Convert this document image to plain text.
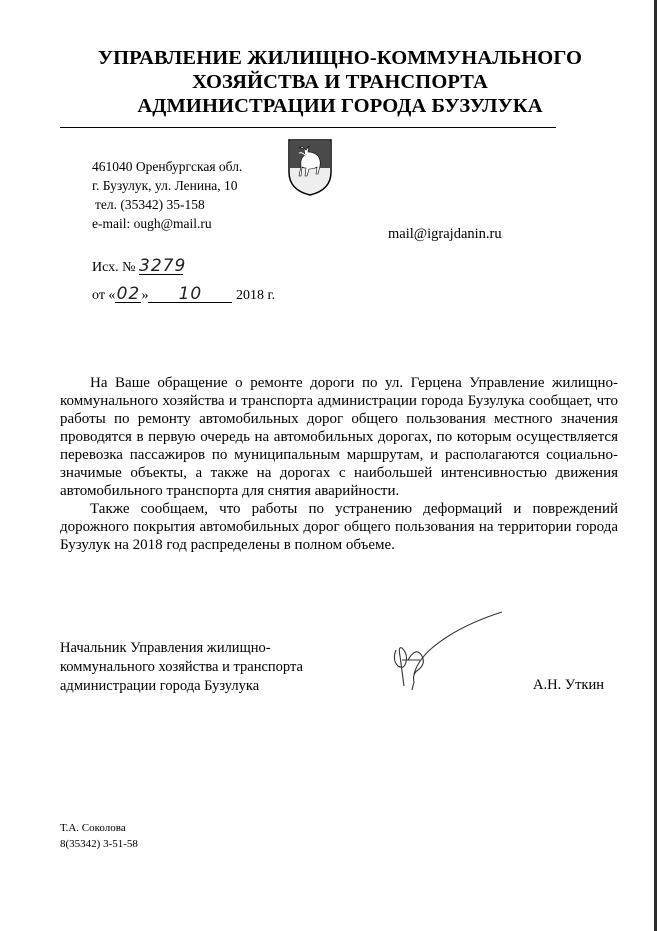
УПРАВЛЕНИЕ ЖИЛИЩНО-КОММУНАЛЬНОГО
ХОЗЯЙСТВА И ТРАНСПОРТА
АДМИНИСТРАЦИИ ГОРОДА БУЗУЛУКА
461040 Оренбургская обл.
г. Бузулук, ул. Ленина, 10
тел. (35342) 35-158
e-mail: ough@mail.ru
mail@igrajdanin.ru
Исх. № 3279
от «02» 10 2018 г.

На Ваше обращение о ремонте дороги по ул. Герцена Управление жилищно-коммунального хозяйства и транспорта администрации города Бузулука сообщает, что работы по ремонту автомобильных дорог общего пользования местного значения проводятся в первую очередь на автомобильных дорогах, по которым осуществляется перевозка пассажиров по муниципальным маршрутам, и располагаются социально-значимые объекты, а также на дорогах с наибольшей интенсивностью движения автомобильного транспорта для снятия аварийности.

Также сообщаем, что работы по устранению деформаций и повреждений дорожного покрытия автомобильных дорог общего пользования на территории города Бузулук на 2018 год распределены в полном объеме.

Начальник Управления жилищно-
коммунального хозяйства и транспорта
администрации города Бузулука	А.Н. Уткин
Т.А. Соколова
8(35342) 3-51-58
